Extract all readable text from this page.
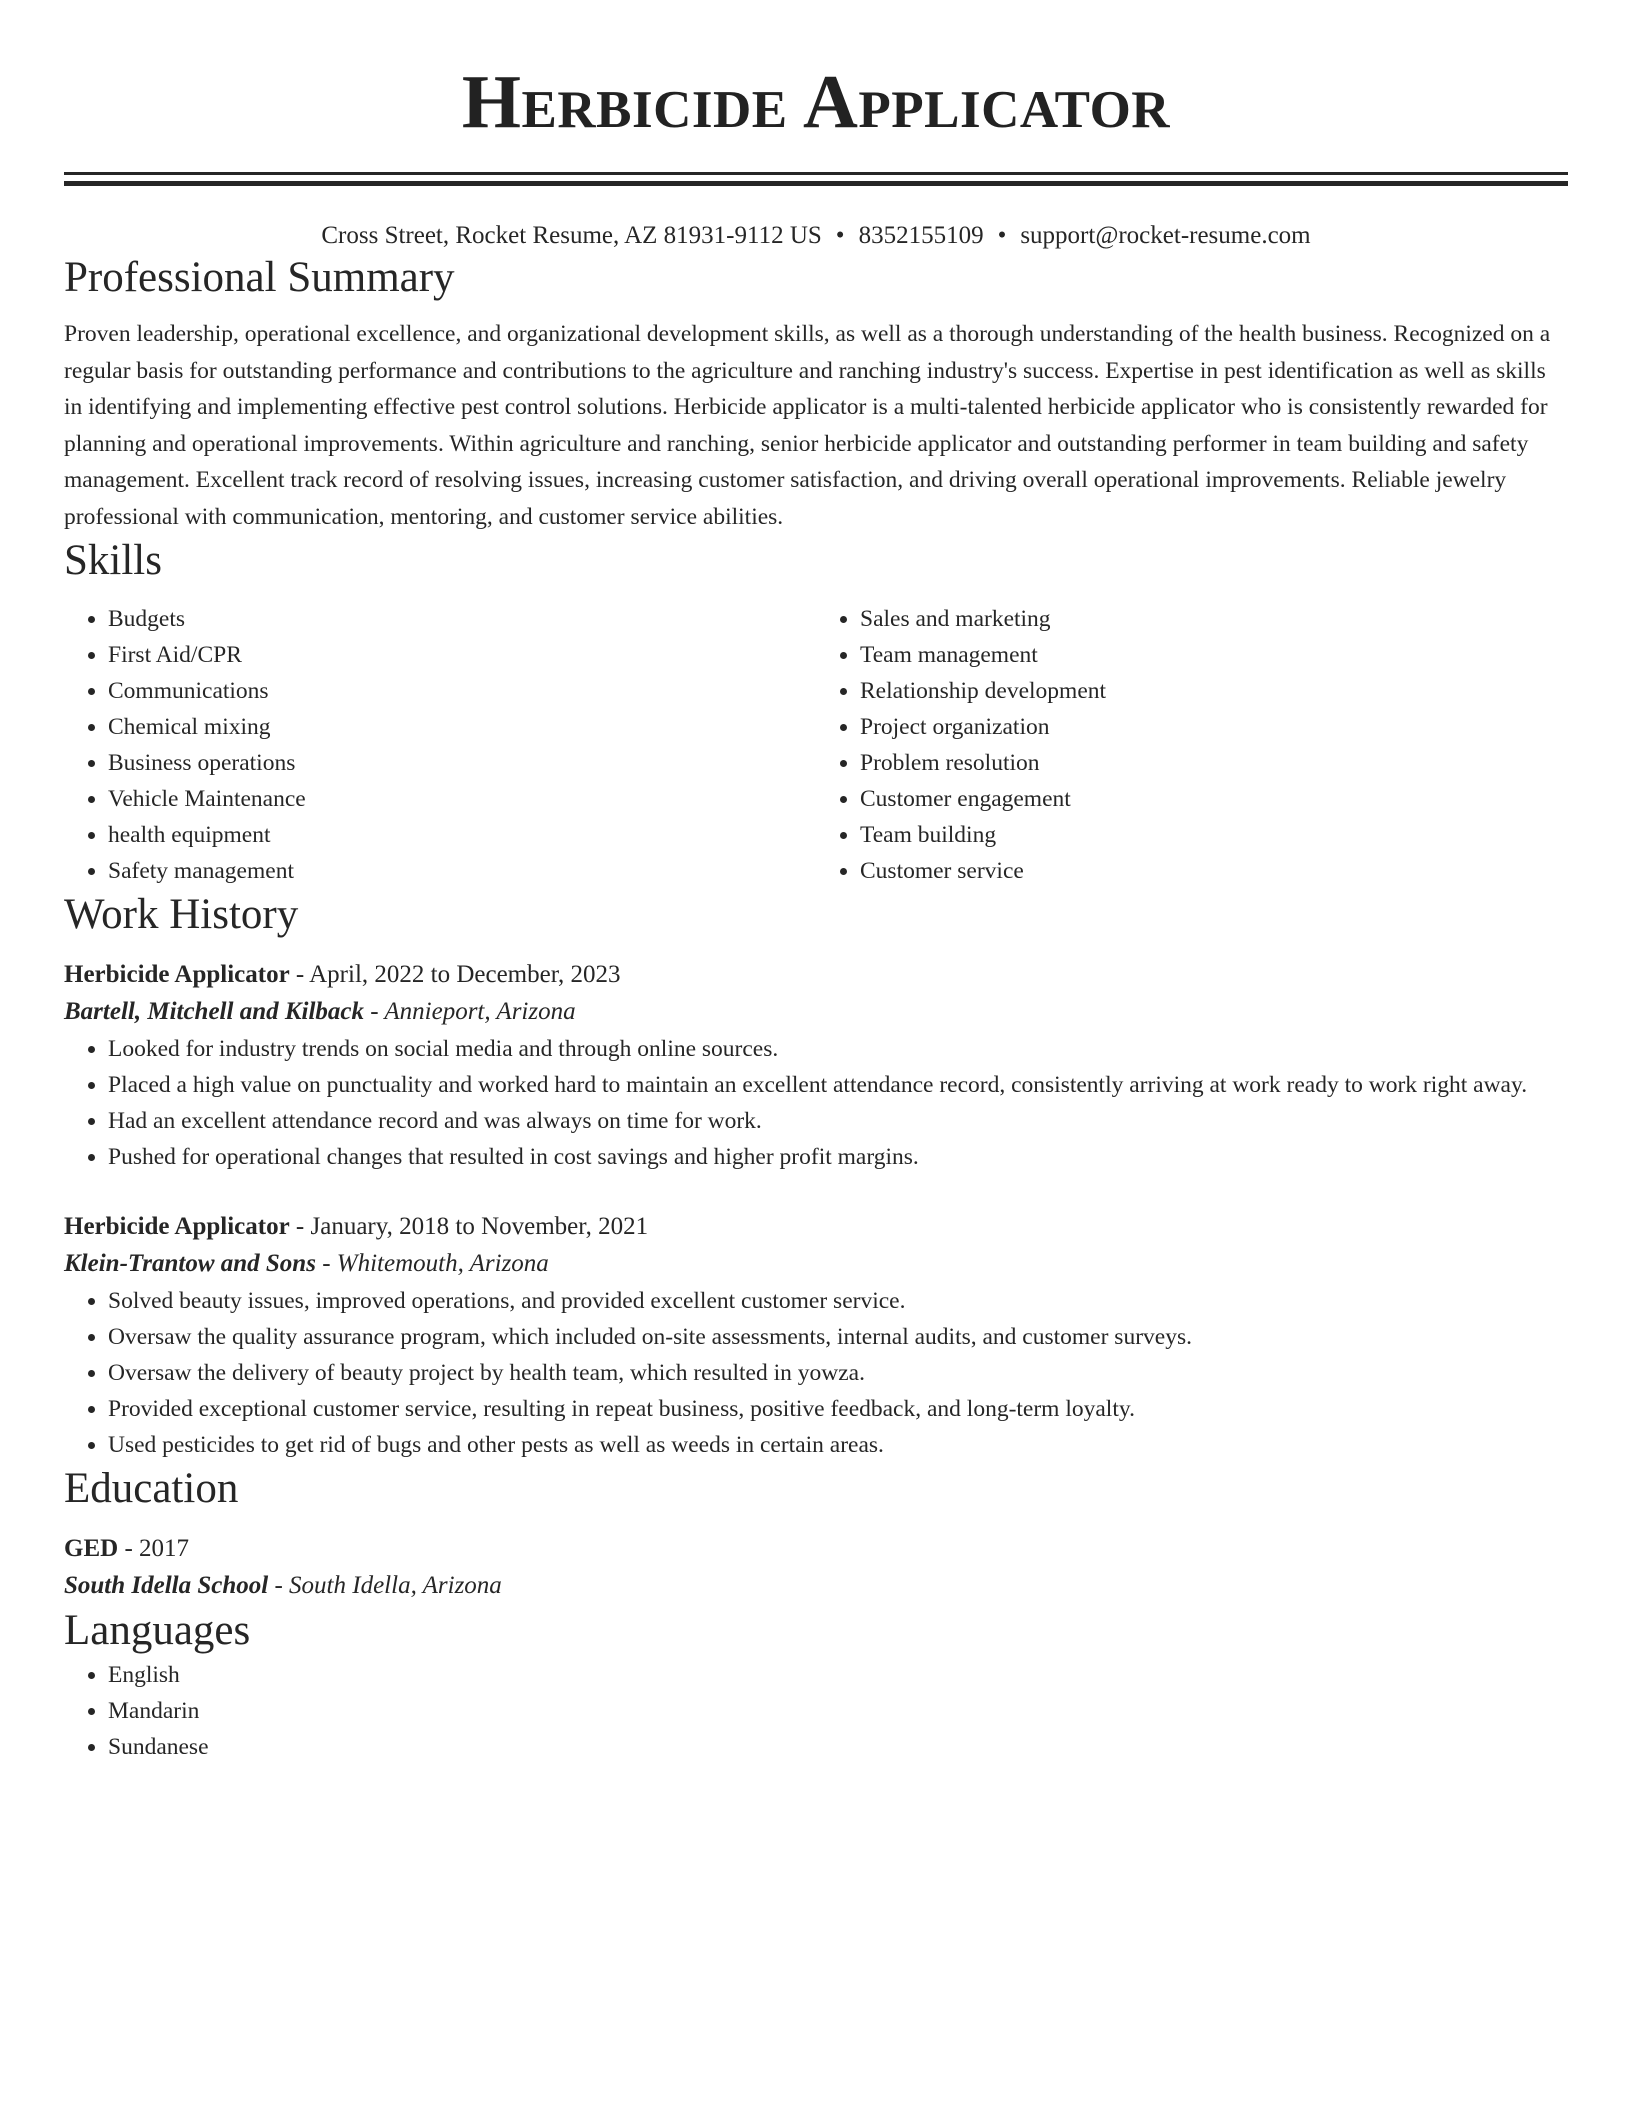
Herbicide Applicator
Cross Street, Rocket Resume, AZ 81931-9112 US • 8352155109 • support@rocket-resume.com
Professional Summary

Proven leadership, operational excellence, and organizational development skills, as well as a thorough understanding of the health business. Recognized on a regular basis for outstanding performance and contributions to the agriculture and ranching industry's success. Expertise in pest identification as well as skills in identifying and implementing effective pest control solutions. Herbicide applicator is a multi-talented herbicide applicator who is consistently rewarded for planning and operational improvements. Within agriculture and ranching, senior herbicide applicator and outstanding performer in team building and safety management. Excellent track record of resolving issues, increasing customer satisfaction, and driving overall operational improvements. Reliable jewelry professional with communication, mentoring, and customer service abilities.

Skills
• Budgets
• First Aid/CPR
• Communications
• Chemical mixing
• Business operations
• Vehicle Maintenance
• health equipment
• Safety management
• Sales and marketing
• Team management
• Relationship development
• Project organization
• Problem resolution
• Customer engagement
• Team building
• Customer service
Work History
Herbicide Applicator - April, 2022 to December, 2023
Bartell, Mitchell and Kilback - Annieport, Arizona
• Looked for industry trends on social media and through online sources.
• Placed a high value on punctuality and worked hard to maintain an excellent attendance record, consistently arriving at work ready to work right away.
• Had an excellent attendance record and was always on time for work.
• Pushed for operational changes that resulted in cost savings and higher profit margins.
Herbicide Applicator - January, 2018 to November, 2021
Klein-Trantow and Sons - Whitemouth, Arizona
• Solved beauty issues, improved operations, and provided excellent customer service.
• Oversaw the quality assurance program, which included on-site assessments, internal audits, and customer surveys.
• Oversaw the delivery of beauty project by health team, which resulted in yowza.
• Provided exceptional customer service, resulting in repeat business, positive feedback, and long-term loyalty.
• Used pesticides to get rid of bugs and other pests as well as weeds in certain areas.
Education
GED - 2017
South Idella School - South Idella, Arizona
Languages
• English
• Mandarin
• Sundanese
